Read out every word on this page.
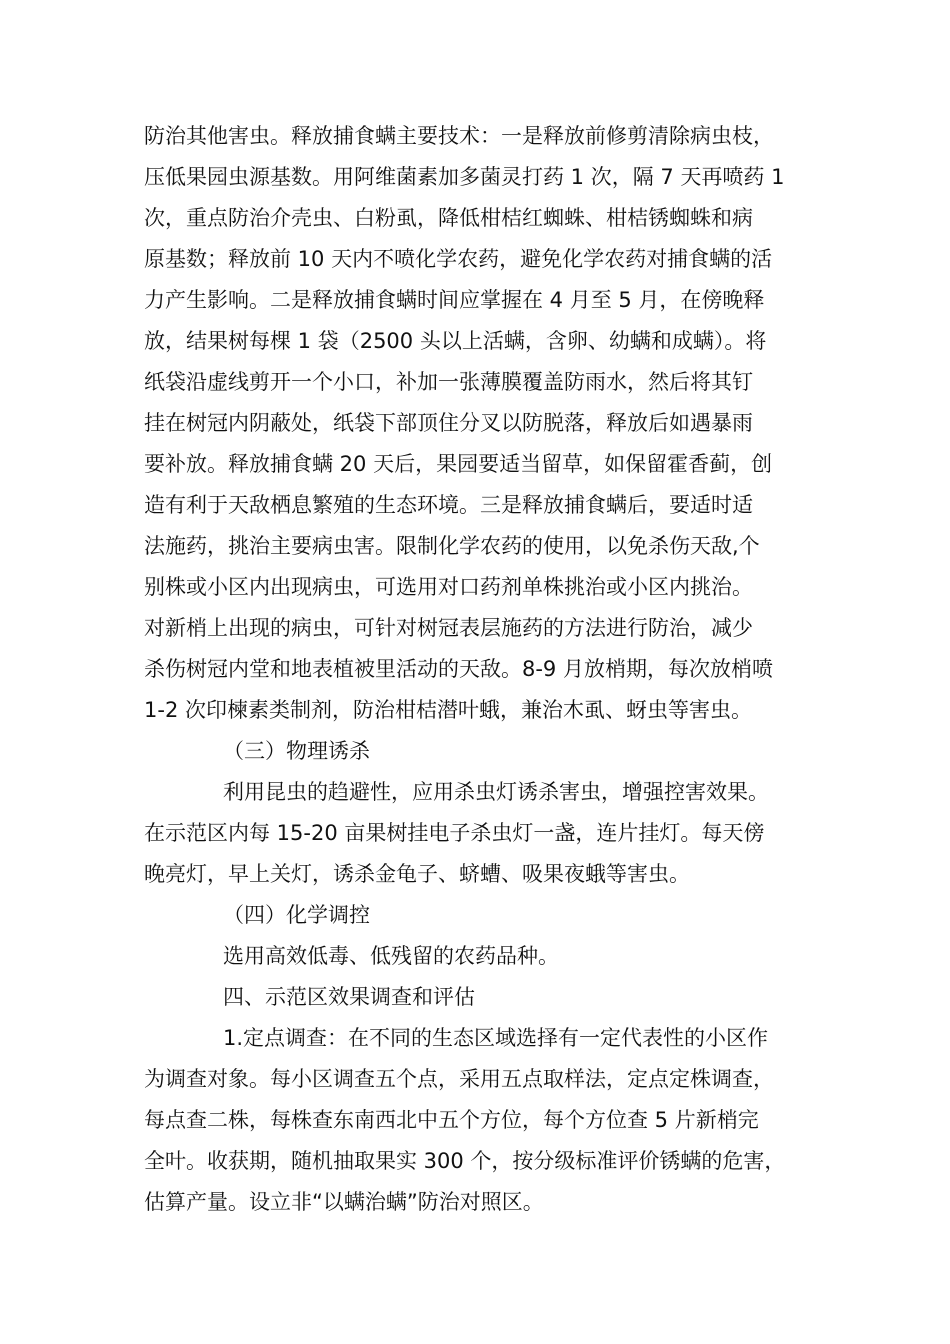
防治其他害虫。释放捕食螨主要技术：一是释放前修剪清除病虫枝，

压低果园虫源基数。用阿维菌素加多菌灵打药 1 次，隔 7 天再喷药 1

次，重点防治介壳虫、白粉虱，降低柑桔红蜘蛛、柑桔锈蜘蛛和病

原基数；释放前 10 天内不喷化学农药，避免化学农药对捕食螨的活

力产生影响。二是释放捕食螨时间应掌握在 4 月至 5 月，在傍晚释

放，结果树每棵 1 袋（2500 头以上活螨，含卵、幼螨和成螨）。将

纸袋沿虚线剪开一个小口，补加一张薄膜覆盖防雨水，然后将其钉

挂在树冠内阴蔽处，纸袋下部顶住分叉以防脱落，释放后如遇暴雨

要补放。释放捕食螨 20 天后，果园要适当留草，如保留霍香蓟，创

造有利于天敌栖息繁殖的生态环境。三是释放捕食螨后，要适时适

法施药，挑治主要病虫害。限制化学农药的使用，以免杀伤天敌,个

别株或小区内出现病虫，可选用对口药剂单株挑治或小区内挑治。

对新梢上出现的病虫，可针对树冠表层施药的方法进行防治，减少

杀伤树冠内堂和地表植被里活动的天敌。8-9 月放梢期，每次放梢喷

1-2 次印楝素类制剂，防治柑桔潜叶蛾，兼治木虱、蚜虫等害虫。

（三）物理诱杀

利用昆虫的趋避性，应用杀虫灯诱杀害虫，增强控害效果。

在示范区内每 15-20 亩果树挂电子杀虫灯一盏，连片挂灯。每天傍

晚亮灯，早上关灯，诱杀金龟子、蛴螬、吸果夜蛾等害虫。

（四）化学调控

选用高效低毒、低残留的农药品种。

四、示范区效果调查和评估

1.定点调查：在不同的生态区域选择有一定代表性的小区作

为调查对象。每小区调查五个点，采用五点取样法，定点定株调查，

每点查二株，每株查东南西北中五个方位，每个方位查 5 片新梢完

全叶。收获期，随机抽取果实 300 个，按分级标准评价锈螨的危害，

估算产量。设立非“以螨治螨”防治对照区。
